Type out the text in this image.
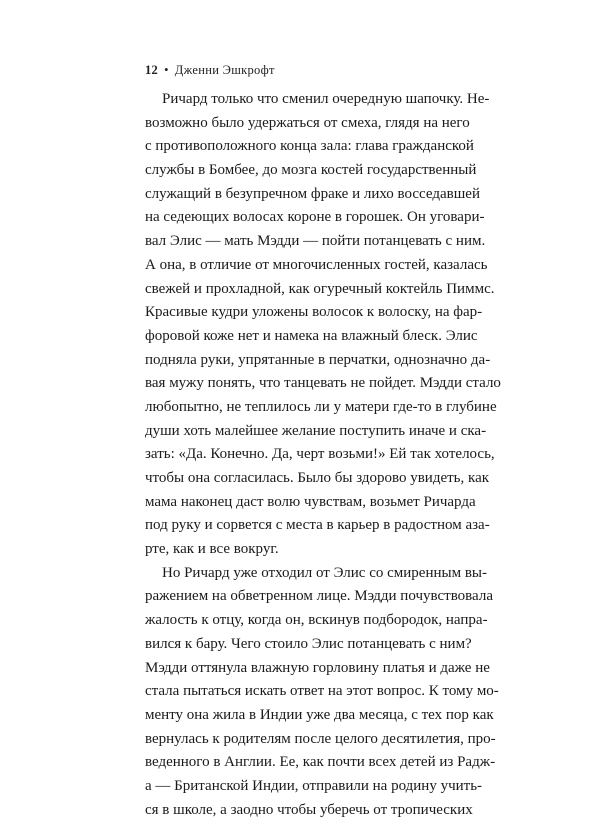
12 • Дженни Эшкрофт
Ричард только что сменил очередную шапочку. Не-
возможно было удержаться от смеха, глядя на него
с противоположного конца зала: глава гражданской
службы в Бомбее, до мозга костей государственный
служащий в безупречном фраке и лихо восседавшей
на седеющих волосах короне в горошек. Он уговари-
вал Элис — мать Мэдди — пойти потанцевать с ним.
А она, в отличие от многочисленных гостей, казалась
свежей и прохладной, как огуречный коктейль Пиммс.
Красивые кудри уложены волосок к волоску, на фар-
форовой коже нет и намека на влажный блеск. Элис
подняла руки, упрятанные в перчатки, однозначно да-
вая мужу понять, что танцевать не пойдет. Мэдди стало
любопытно, не теплилось ли у матери где-то в глубине
души хоть малейшее желание поступить иначе и ска-
зать: «Да. Конечно. Да, черт возьми!» Ей так хотелось,
чтобы она согласилась. Было бы здорово увидеть, как
мама наконец даст волю чувствам, возьмет Ричарда
под руку и сорвется с места в карьер в радостном аза-
рте, как и все вокруг.
Но Ричард уже отходил от Элис со смиренным вы-
ражением на обветренном лице. Мэдди почувствовала
жалость к отцу, когда он, вскинув подбородок, напра-
вился к бару. Чего стоило Элис потанцевать с ним?
Мэдди оттянула влажную горловину платья и даже не
стала пытаться искать ответ на этот вопрос. К тому мо-
менту она жила в Индии уже два месяца, с тех пор как
вернулась к родителям после целого десятилетия, про-
веденного в Англии. Ее, как почти всех детей из Радж-
а — Британской Индии, отправили на родину учить-
ся в школе, а заодно чтобы уберечь от тропических
